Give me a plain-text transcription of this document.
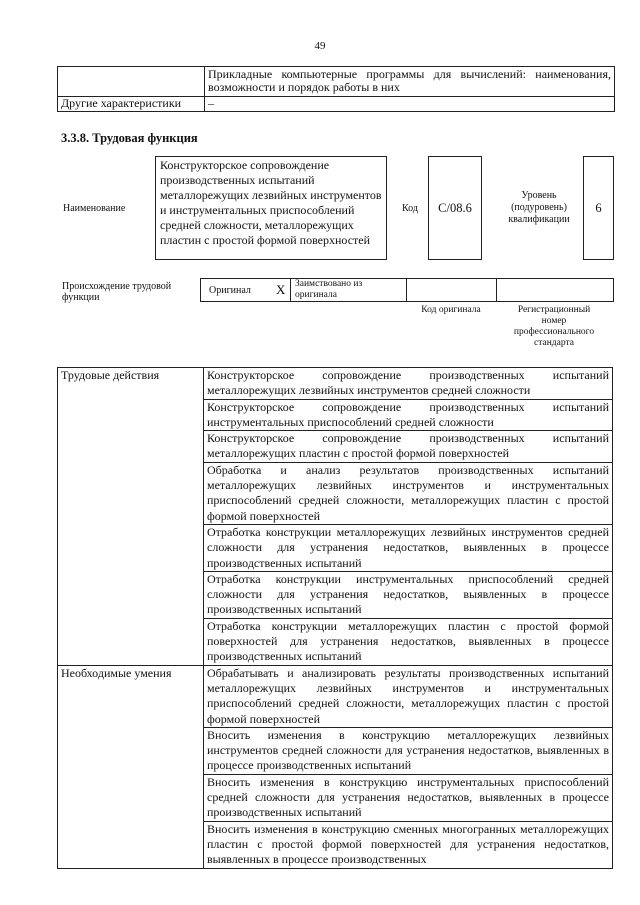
49
	Прикладные компьютерные программы для вычислений: наименования, возможности и порядок работы в них
Другие характеристики	–
3.3.8. Трудовая функция
Наименование
Конструкторское сопровождение производственных испытаний металлорежущих лезвийных инструментов и инструментальных приспособлений средней сложности, металлорежущих пластин с простой формой поверхностей
Код	C/08.6
Уровень (подуровень) квалификации
6
Происхождение трудовой функции
Оригинал X Заимствовано из оригинала
Код оригинала	Регистрационный номер профессионального стандарта
Трудовые действия	Конструкторское сопровождение производственных испытаний металлорежущих лезвийных инструментов средней сложности
	Конструкторское сопровождение производственных испытаний инструментальных приспособлений средней сложности
	Конструкторское сопровождение производственных испытаний металлорежущих пластин с простой формой поверхностей
	Обработка и анализ результатов производственных испытаний металлорежущих лезвийных инструментов и инструментальных приспособлений средней сложности, металлорежущих пластин с простой формой поверхностей
	Отработка конструкции металлорежущих лезвийных инструментов средней сложности для устранения недостатков, выявленных в процессе производственных испытаний
	Отработка конструкции инструментальных приспособлений средней сложности для устранения недостатков, выявленных в процессе производственных испытаний
	Отработка конструкции металлорежущих пластин с простой формой поверхностей для устранения недостатков, выявленных в процессе производственных испытаний
Необходимые умения	Обрабатывать и анализировать результаты производственных испытаний металлорежущих лезвийных инструментов и инструментальных приспособлений средней сложности, металлорежущих пластин с простой формой поверхностей
	Вносить изменения в конструкцию металлорежущих лезвийных инструментов средней сложности для устранения недостатков, выявленных в процессе производственных испытаний
	Вносить изменения в конструкцию инструментальных приспособлений средней сложности для устранения недостатков, выявленных в процессе производственных испытаний
	Вносить изменения в конструкцию сменных многогранных металлорежущих пластин с простой формой поверхностей для устранения недостатков, выявленных в процессе производственных
